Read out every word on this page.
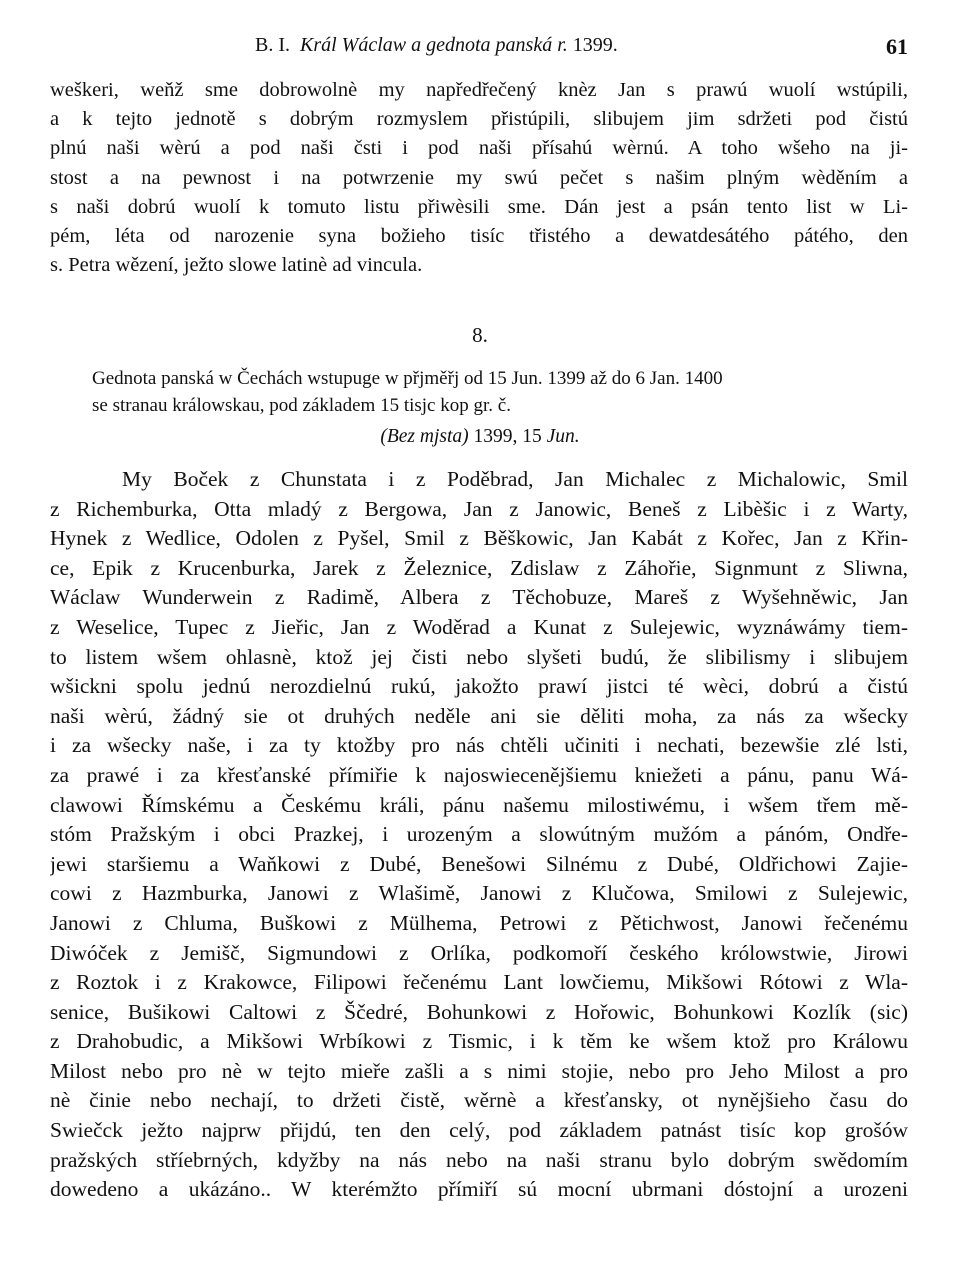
B. I. Král Wáclaw a gednota panská r. 1399.	61
weškeri, weňž sme dobrowolnè my napředřečený knèz Jan s prawú wuolí wstúpili,
a k tejto jednotě s dobrým rozmyslem přistúpili, slibujem jim sdržeti pod čistú
plnú naši wèrú a pod naši čsti i pod naši přísahú wèrnú. A toho wšeho na ji-
stost a na pewnost i na potwrzenie my swú pečet s našim plným wèděním a
s naši dobrú wuolí k tomuto listu přiwèsili sme. Dán jest a psán tento list w Li-
pém, léta od narozenie syna božieho tisíc třistého a dewatdesátého pátého, den
s. Petra wězení, ježto slowe latinè ad vincula.
8.
Gednota panská w Čechách wstupuge w přjměřj od 15 Jun. 1399 až do 6 Jan. 1400
se stranau králowskau, pod základem 15 tisjc kop gr. č.
(Bez mjsta) 1399, 15 Jun.
My Boček z Chunstata i z Poděbrad, Jan Michalec z Michalowic, Smil
z Richemburka, Otta mladý z Bergowa, Jan z Janowic, Beneš z Libèšic i z Warty,
Hynek z Wedlice, Odolen z Pyšel, Smil z Běškowic, Jan Kabát z Kořec, Jan z Křin-
ce, Epik z Krucenburka, Jarek z Železnice, Zdislaw z Záhořie, Signmunt z Sliwna,
Wáclaw Wunderwein z Radimě, Albera z Těchobuze, Mareš z Wyšehněwic, Jan
z Weselice, Tupec z Jieřic, Jan z Woděrad a Kunat z Sulejewic, wyznáwámy tiem-
to listem wšem ohlasnè, ktož jej čisti nebo slyšeti budú, že slibilismy i slibujem
wšickni spolu jednú nerozdielnú rukú, jakožto prawí jistci té wèci, dobrú a čistú
naši wèrú, žádný sie ot druhých neděle ani sie děliti moha, za nás za wšecky
i za wšecky naše, i za ty ktožby pro nás chtěli učiniti i nechati, bezewšie zlé lsti,
za prawé i za křesťanské přímiřie k najoswiecenějšiemu kniežeti a pánu, panu Wá-
clawowi Římskému a Českému králi, pánu našemu milostiwému, i wšem třem mě-
stóm Pražským i obci Prazkej, i urozeným a slowútným mužóm a pánóm, Ondře-
jewi staršiemu a Waňkowi z Dubé, Benešowi Silnému z Dubé, Oldřichowi Zajie-
cowi z Hazmburka, Janowi z Wlašimě, Janowi z Klučowa, Smilowi z Sulejewic,
Janowi z Chluma, Buškowi z Mülhema, Petrowi z Pětichwost, Janowi řečenému
Diwóček z Jemišč, Sigmundowi z Orlíka, podkomoří českého królowstwie, Jirowi
z Roztok i z Krakowce, Filipowi řečenému Lant lowčiemu, Mikšowi Rótowi z Wla-
senice, Bušikowi Caltowi z Ščedré, Bohunkowi z Hořowic, Bohunkowi Kozlík (sic)
z Drahobudic, a Mikšowi Wrbíkowi z Tismic, i k těm ke wšem ktož pro Králowu
Milost nebo pro nè w tejto mieře zašli a s nimi stojie, nebo pro Jeho Milost a pro
nè činie nebo nechají, to držeti čistě, wěrnè a křesťansky, ot nynějšieho času do
Swiečck ježto najprw přijdú, ten den celý, pod základem patnást tisíc kop grošów
pražských stříebrných, kdyžby na nás nebo na naši stranu bylo dobrým swědomím
dowedeno a ukázáno.. W kterémžto přímiří sú mocní ubrmani dóstojní a urozeni
